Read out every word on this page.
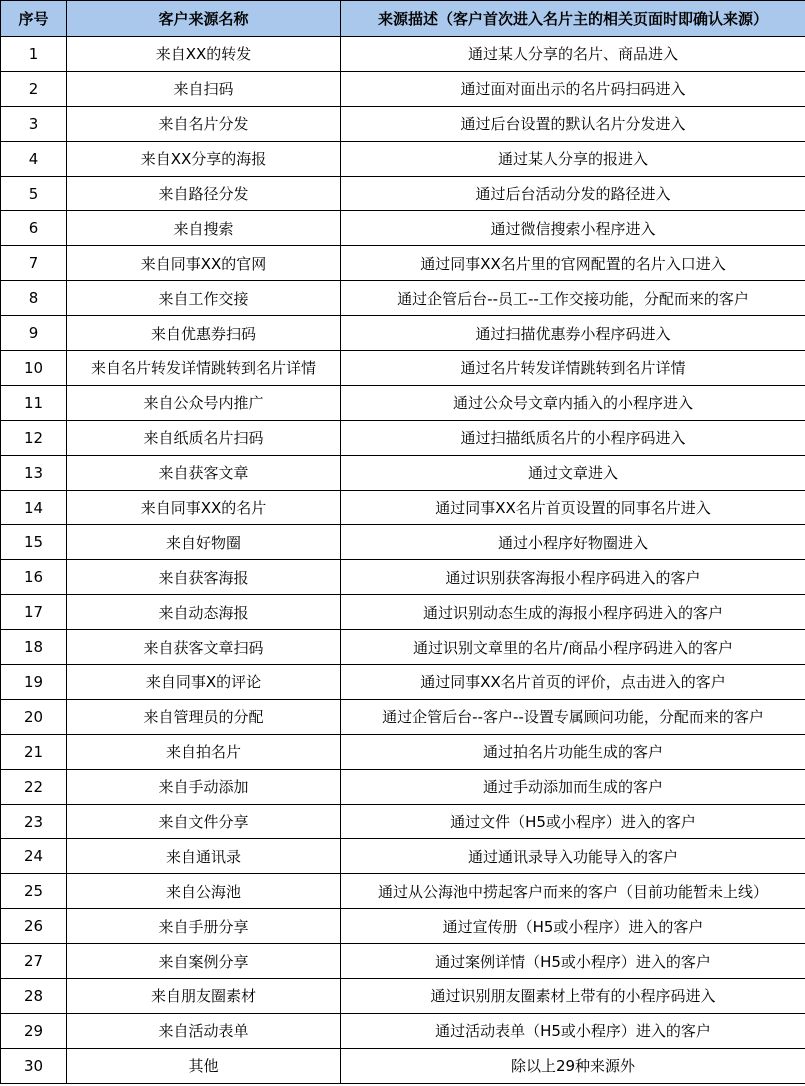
序号	客户来源名称	来源描述（客户首次进入名片主的相关页面时即确认来源）
1	来自XX的转发	通过某人分享的名片、商品进入
2	来自扫码	通过面对面出示的名片码扫码进入
3	来自名片分发	通过后台设置的默认名片分发进入
4	来自XX分享的海报	通过某人分享的报进入
5	来自路径分发	通过后台活动分发的路径进入
6	来自搜索	通过微信搜索小程序进入
7	来自同事XX的官网	通过同事XX名片里的官网配置的名片入口进入
8	来自工作交接	通过企管后台--员工--工作交接功能，分配而来的客户
9	来自优惠券扫码	通过扫描优惠券小程序码进入
10	来自名片转发详情跳转到名片详情	通过名片转发详情跳转到名片详情
11	来自公众号内推广	通过公众号文章内插入的小程序进入
12	来自纸质名片扫码	通过扫描纸质名片的小程序码进入
13	来自获客文章	通过文章进入
14	来自同事XX的名片	通过同事XX名片首页设置的同事名片进入
15	来自好物圈	通过小程序好物圈进入
16	来自获客海报	通过识别获客海报小程序码进入的客户
17	来自动态海报	通过识别动态生成的海报小程序码进入的客户
18	来自获客文章扫码	通过识别文章里的名片/商品小程序码进入的客户
19	来自同事X的评论	通过同事XX名片首页的评价，点击进入的客户
20	来自管理员的分配	通过企管后台--客户--设置专属顾问功能，分配而来的客户
21	来自拍名片	通过拍名片功能生成的客户
22	来自手动添加	通过手动添加而生成的客户
23	来自文件分享	通过文件（H5或小程序）进入的客户
24	来自通讯录	通过通讯录导入功能导入的客户
25	来自公海池	通过从公海池中捞起客户而来的客户（目前功能暂未上线）
26	来自手册分享	通过宣传册（H5或小程序）进入的客户
27	来自案例分享	通过案例详情（H5或小程序）进入的客户
28	来自朋友圈素材	通过识别朋友圈素材上带有的小程序码进入
29	来自活动表单	通过活动表单（H5或小程序）进入的客户
30	其他	除以上29种来源外
